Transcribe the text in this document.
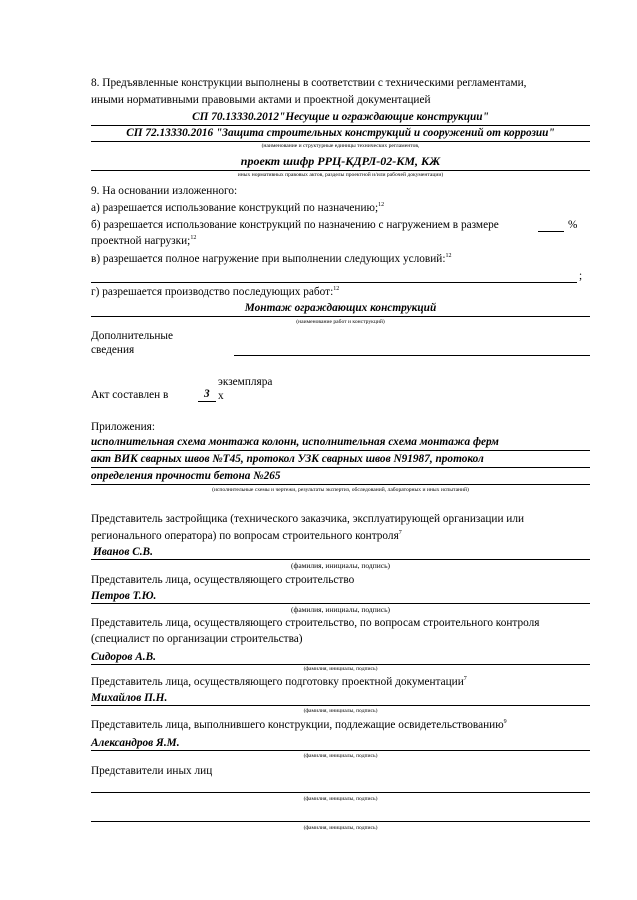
8. Предъявленные конструкции выполнены в соответствии с техническими регламентами,
иными нормативными правовыми актами и проектной документацией
СП 70.13330.2012"Несущие и ограждающие конструкции"
СП 72.13330.2016 "Защита строительных конструкций и сооружений от коррозии"
(наименование и структурные единицы технических регламентов,
проект шифр РРЦ-КДРЛ-02-КМ, КЖ
иных нормативных правовых актов, разделы проектной и/или рабочей документации)
9. На основании изложенного:
а) разрешается использование конструкций по назначению;$^{12}$
б) разрешается использование конструкций по назначению с нагружением в размере	%
проектной нагрузки;$^{12}$
в) разрешается полное нагружение при выполнении следующих условий:$^{12}$
;
г) разрешается производство последующих работ:$^{12}$
Монтаж ограждающих конструкций
(наименование работ и конструкций)
Дополнительные
сведения
Акт составлен в	3
экземпляра
х
Приложения:
исполнительная схема монтажа колонн, исполнительная схема монтажа ферм
акт ВИК сварных швов №Т45, протокол УЗК сварных швов N91987, протокол
определения прочности бетона №265
(исполнительные схемы и чертежи, результаты экспертиз, обследований, лабораторных и иных испытаний)
Представитель застройщика (технического заказчика, эксплуатирующей организации или
регионального оператора) по вопросам строительного контроля$^7$
Иванов С.В.
(фамилия, инициалы, подпись)
Представитель лица, осуществляющего строительство
Петров Т.Ю.
(фамилия, инициалы, подпись)
Представитель лица, осуществляющего строительство, по вопросам строительного контроля
(специалист по организации строительства)
Сидоров А.В.
(фамилия, инициалы, подпись)
Представитель лица, осуществляющего подготовку проектной документации$^7$
Михайлов П.Н.
(фамилия, инициалы, подпись)
Представитель лица, выполнившего конструкции, подлежащие освидетельствованию$^9$
Александров Я.М.
(фамилия, инициалы, подпись)
Представители иных лиц
(фамилия, инициалы, подпись)
(фамилия, инициалы, подпись)
